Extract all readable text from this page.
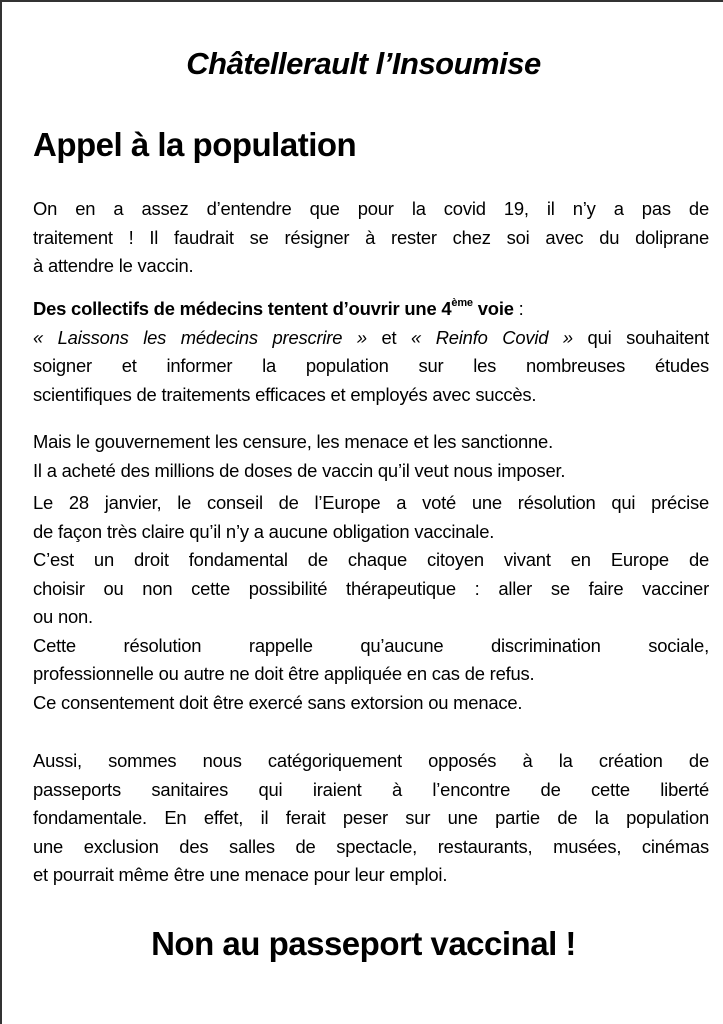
Châtellerault l’Insoumise
Appel à la population
On en a assez d’entendre que pour la covid 19, il n’y a pas de
traitement ! Il faudrait se résigner à rester chez soi avec du doliprane
à attendre le vaccin.
Des collectifs de médecins tentent d’ouvrir une 4ème voie :
« Laissons les médecins prescrire » et « Reinfo Covid » qui souhaitent
soigner et informer la population sur les nombreuses études
scientifiques de traitements efficaces et employés avec succès.
Mais le gouvernement les censure, les menace et les sanctionne.
Il a acheté des millions de doses de vaccin qu’il veut nous imposer.
Le 28 janvier, le conseil de l’Europe a voté une résolution qui précise
de façon très claire qu’il n’y a aucune obligation vaccinale.
C’est un droit fondamental de chaque citoyen vivant en Europe de
choisir ou non cette possibilité thérapeutique : aller se faire vacciner
ou non.
Cette résolution rappelle qu’aucune discrimination sociale,
professionnelle ou autre ne doit être appliquée en cas de refus.
Ce consentement doit être exercé sans extorsion ou menace.
Aussi, sommes nous catégoriquement opposés à la création de
passeports sanitaires qui iraient à l’encontre de cette liberté
fondamentale. En effet, il ferait peser sur une partie de la population
une exclusion des salles de spectacle, restaurants, musées, cinémas
et pourrait même être une menace pour leur emploi.
Non au passeport vaccinal !
